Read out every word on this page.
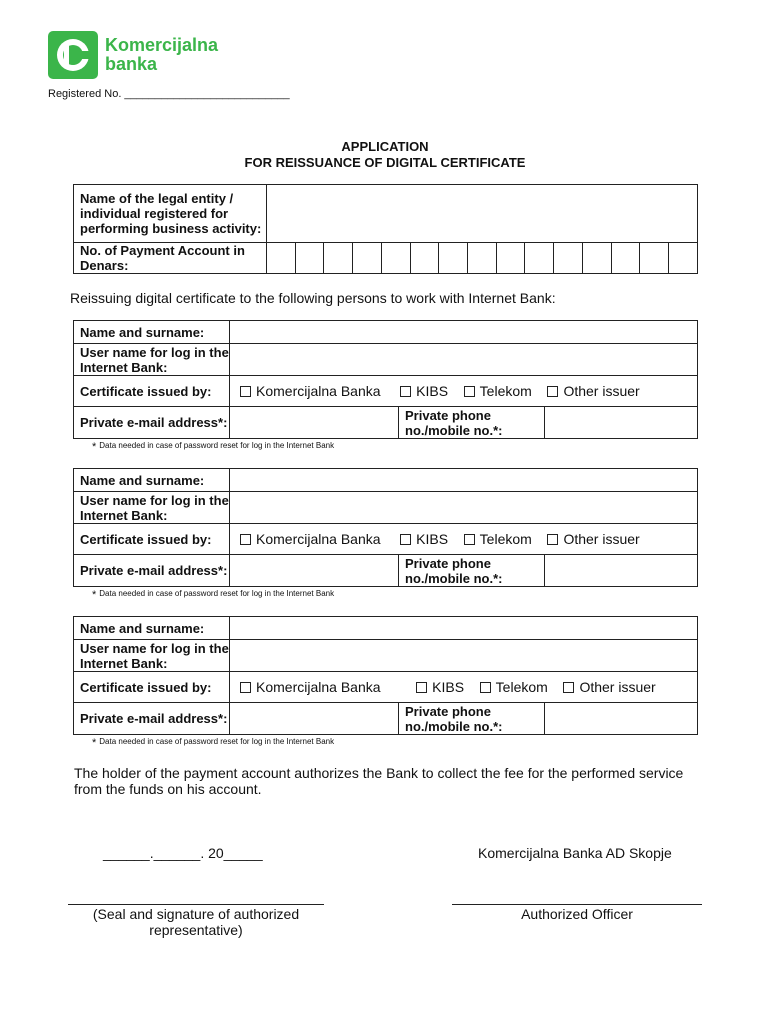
Komercijalna
banka
Registered No. ___________________________
APPLICATION
FOR REISSUANCE OF DIGITAL CERTIFICATE
Name of the legal entity / individual registered for performing business activity:															
No. of Payment Account in Denars:															
Reissuing digital certificate to the following persons to work with Internet Bank:
Name and surname:			
User name for log in the Internet Bank:			
Certificate issued by:	Komercijalna Banka KIBS Telekom Other issuer		
Private e-mail address*:		Private phone no./mobile no.*:	
* Data needed in case of password reset for log in the Internet Bank
Name and surname:			
User name for log in the Internet Bank:			
Certificate issued by:	Komercijalna Banka KIBS Telekom Other issuer		
Private e-mail address*:		Private phone no./mobile no.*:	
* Data needed in case of password reset for log in the Internet Bank
Name and surname:			
User name for log in the Internet Bank:			
Certificate issued by:	Komercijalna Banka KIBS Telekom Other issuer		
Private e-mail address*:		Private phone no./mobile no.*:	
* Data needed in case of password reset for log in the Internet Bank
The holder of the payment account authorizes the Bank to collect the fee for the performed service from the funds on his account.
______.______. 20_____	Komercijalna Banka AD Skopje
(Seal and signature of authorized representative)
Authorized Officer
